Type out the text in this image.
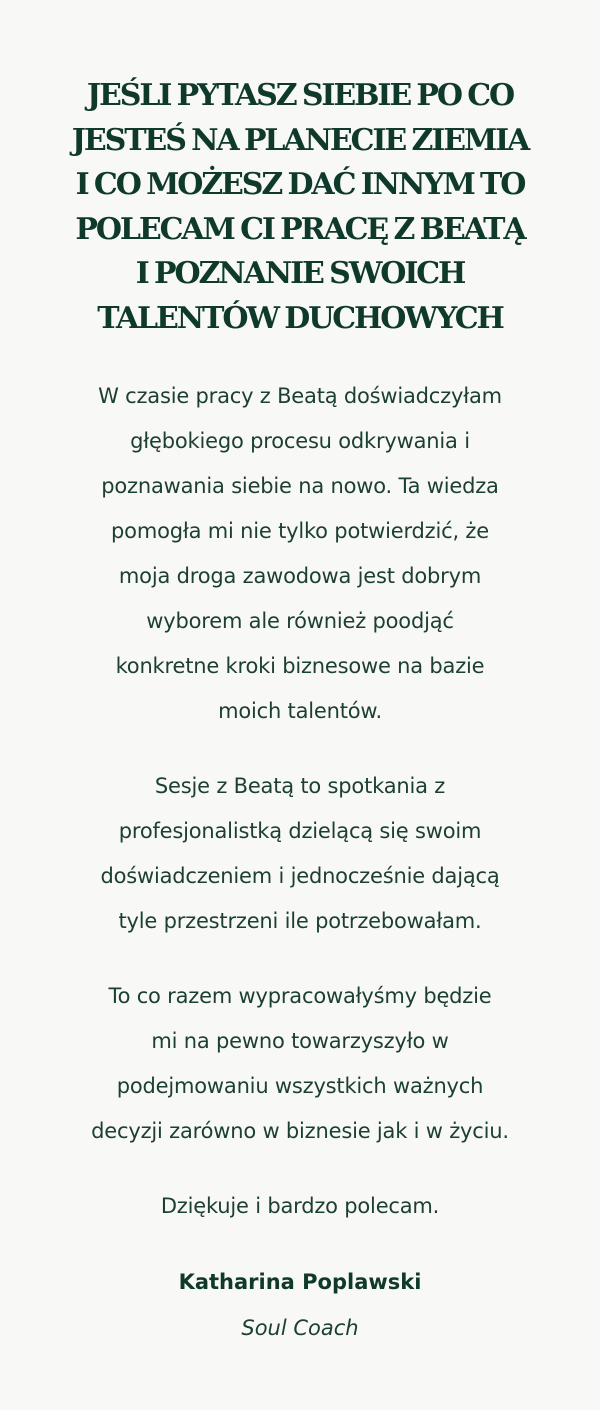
JEŚLI PYTASZ SIEBIE PO CO
JESTEŚ NA PLANECIE ZIEMIA
I CO MOŻESZ DAĆ INNYM TO
POLECAM CI PRACĘ Z BEATĄ
I POZNANIE SWOICH
TALENTÓW DUCHOWYCH

W czasie pracy z Beatą doświadczyłam
głębokiego procesu odkrywania i
poznawania siebie na nowo. Ta wiedza
pomogła mi nie tylko potwierdzić, że
moja droga zawodowa jest dobrym
wyborem ale również poodjąć
konkretne kroki biznesowe na bazie
moich talentów.

Sesje z Beatą to spotkania z
profesjonalistką dzielącą się swoim
doświadczeniem i jednocześnie dającą
tyle przestrzeni ile potrzebowałam.

To co razem wypracowałyśmy będzie
mi na pewno towarzyszyło w
podejmowaniu wszystkich ważnych
decyzji zarówno w biznesie jak i w życiu.

Dziękuje i bardzo polecam.

Katharina Poplawski

Soul Coach
